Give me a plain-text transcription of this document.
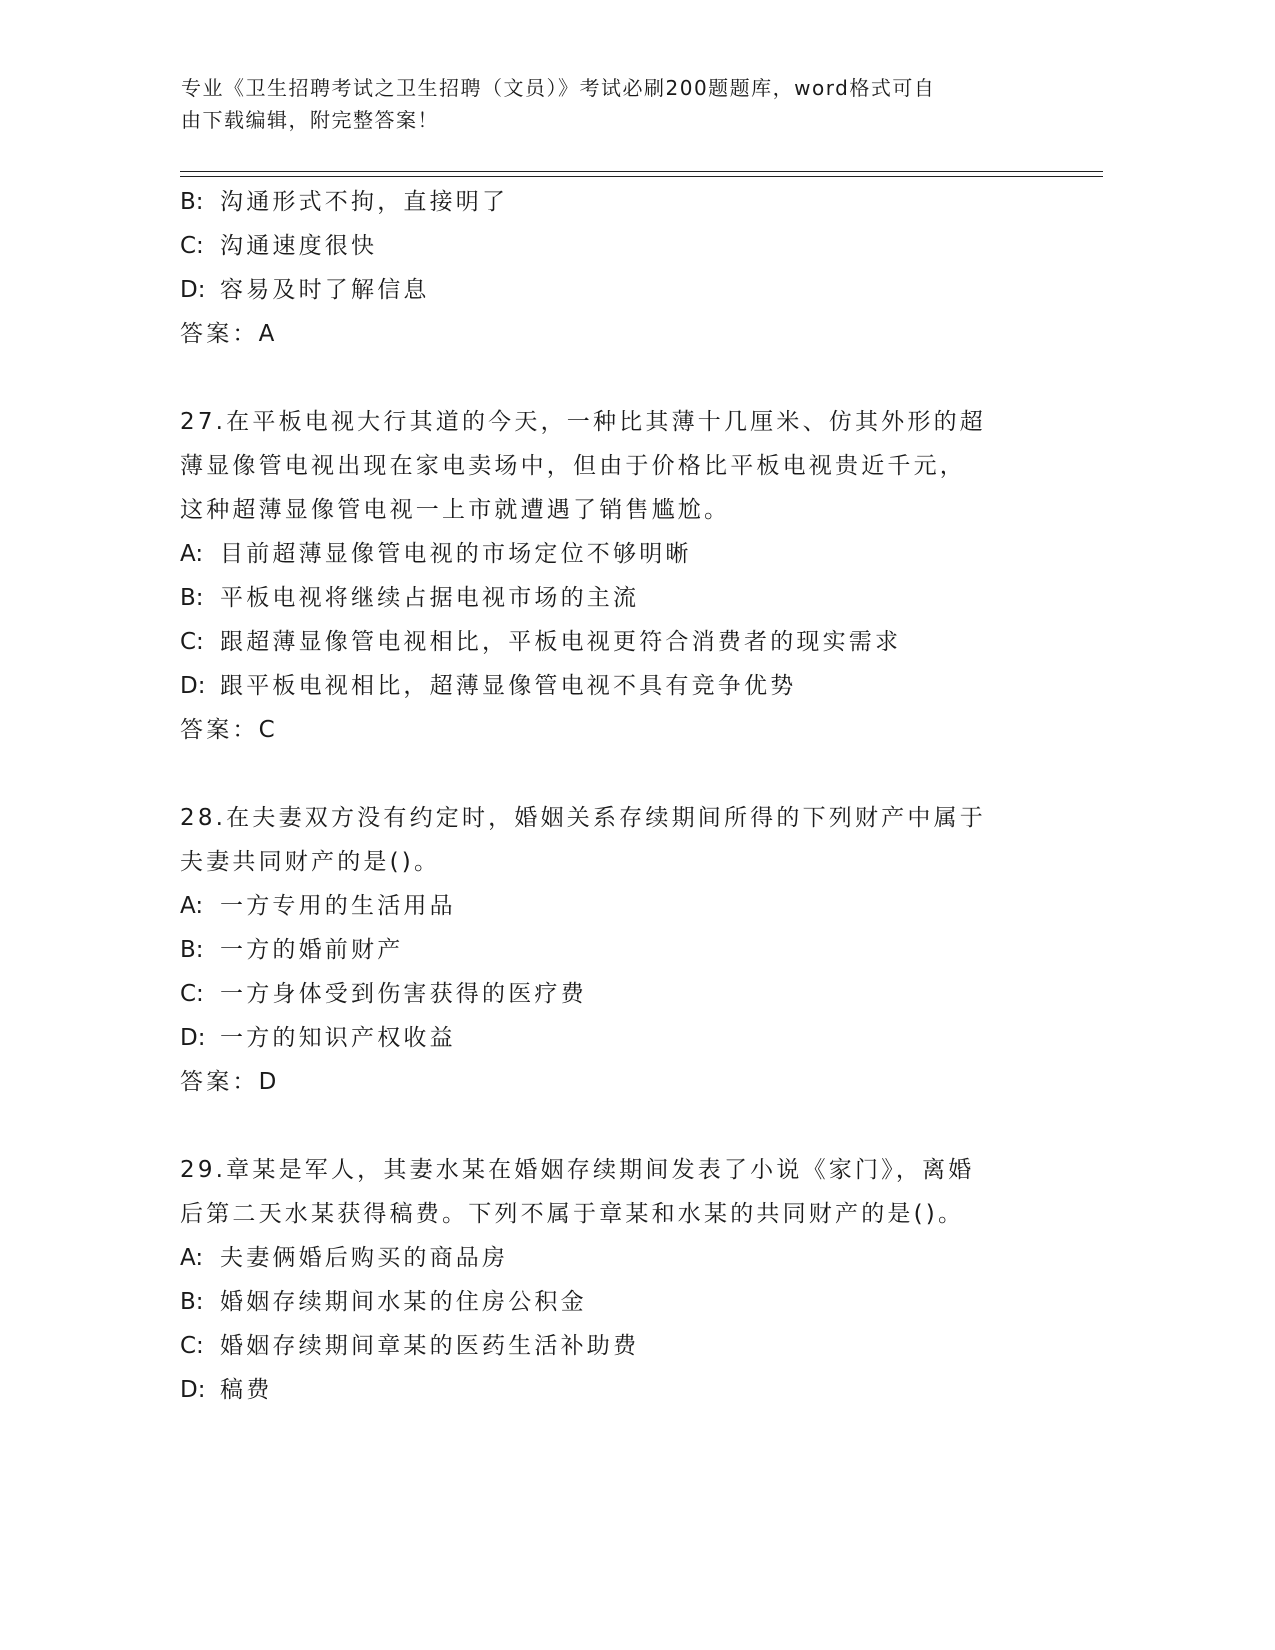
专业《卫生招聘考试之卫生招聘（文员）》考试必刷200题题库，word格式可自
由下载编辑，附完整答案！
B: 沟通形式不拘，直接明了
C: 沟通速度很快
D: 容易及时了解信息
答案：A
27.在平板电视大行其道的今天，一种比其薄十几厘米、仿其外形的超
薄显像管电视出现在家电卖场中，但由于价格比平板电视贵近千元，
这种超薄显像管电视一上市就遭遇了销售尴尬。
A: 目前超薄显像管电视的市场定位不够明晰
B: 平板电视将继续占据电视市场的主流
C: 跟超薄显像管电视相比，平板电视更符合消费者的现实需求
D: 跟平板电视相比，超薄显像管电视不具有竞争优势
答案：C
28.在夫妻双方没有约定时，婚姻关系存续期间所得的下列财产中属于
夫妻共同财产的是()。
A: 一方专用的生活用品
B: 一方的婚前财产
C: 一方身体受到伤害获得的医疗费
D: 一方的知识产权收益
答案：D
29.章某是军人，其妻水某在婚姻存续期间发表了小说《家门》，离婚
后第二天水某获得稿费。下列不属于章某和水某的共同财产的是()。
A: 夫妻俩婚后购买的商品房
B: 婚姻存续期间水某的住房公积金
C: 婚姻存续期间章某的医药生活补助费
D: 稿费
